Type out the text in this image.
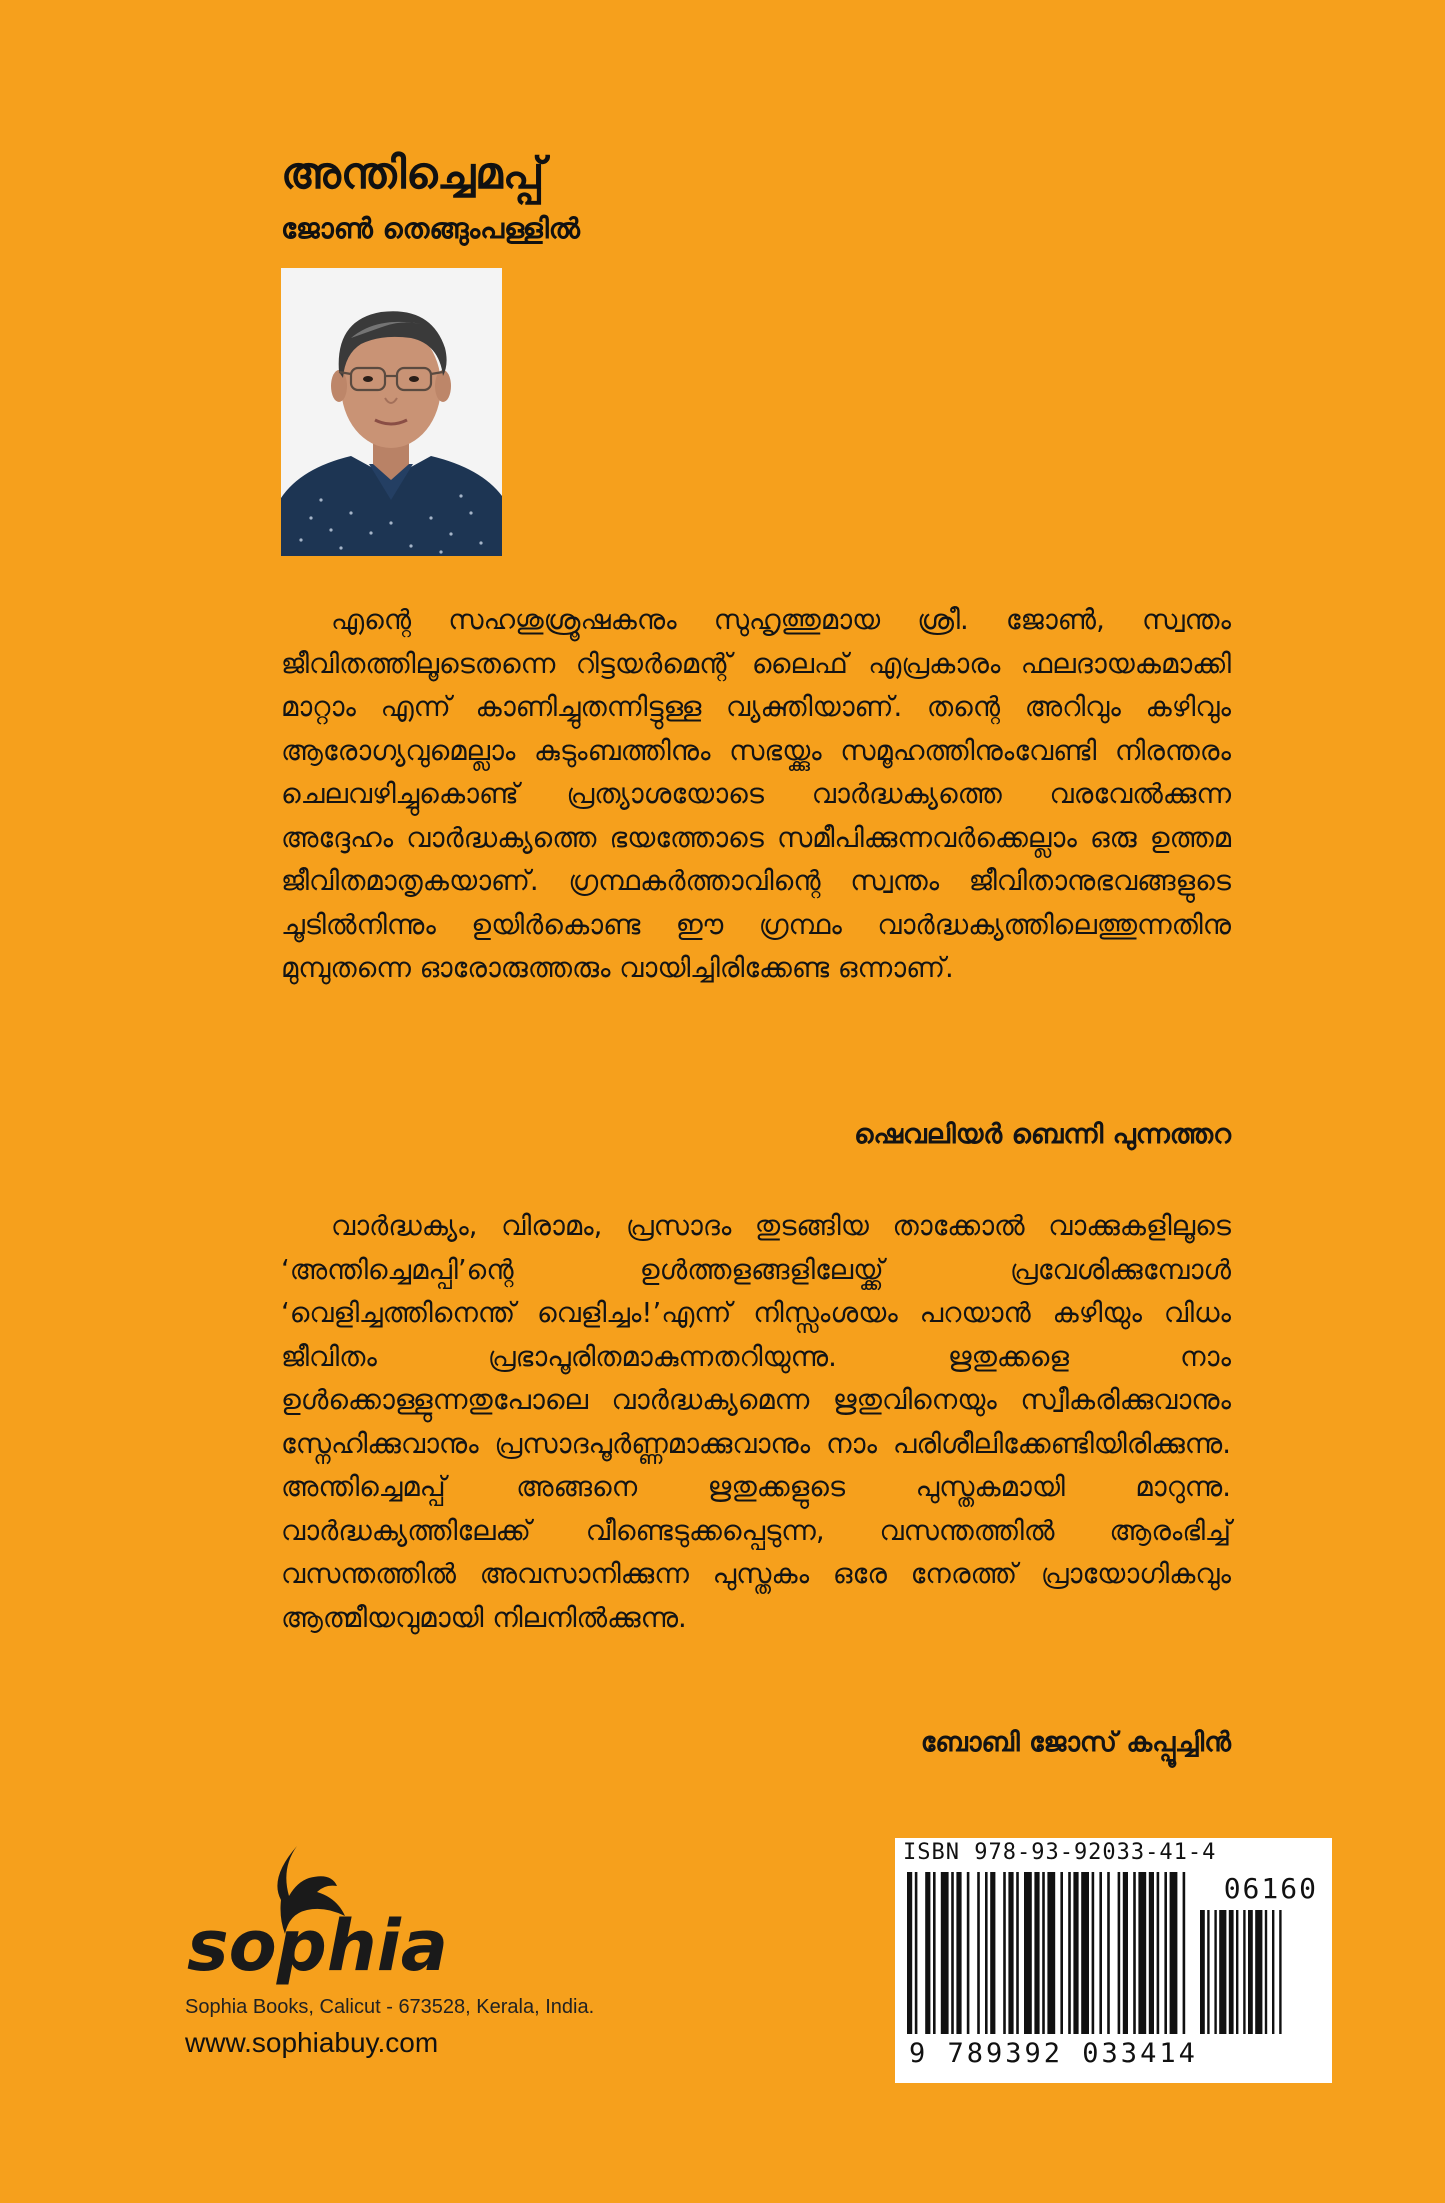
അന്തിച്ചെമപ്പ്
ജോൺ തെങ്ങുംപള്ളിൽ

എന്റെ സഹശുശ്രൂഷകനും സുഹൃത്തുമായ ശ്രീ. ജോൺ, സ്വന്തം ജീവിതത്തിലൂടെതന്നെ റിട്ടയർമെന്റ് ലൈഫ് എപ്രകാരം ഫലദായകമാക്കി മാറ്റാം എന്ന് കാണിച്ചുതന്നിട്ടുള്ള വ്യക്തിയാണ്. തന്റെ അറിവും കഴിവും ആരോഗ്യവുമെല്ലാം കുടുംബത്തിനും സഭയ്ക്കും സമൂഹത്തിനുംവേണ്ടി നിരന്തരം ചെലവഴിച്ചുകൊണ്ട് പ്രത്യാശയോടെ വാർദ്ധക്യത്തെ വരവേൽക്കുന്ന അദ്ദേഹം വാർദ്ധക്യത്തെ ഭയത്തോടെ സമീപിക്കുന്നവർക്കെല്ലാം ഒരു ഉത്തമ ജീവിതമാതൃകയാണ്. ഗ്രന്ഥകർത്താവിന്റെ സ്വന്തം ജീവിതാനുഭവങ്ങളുടെ ചൂടിൽനിന്നും ഉയിർകൊണ്ട ഈ ഗ്രന്ഥം വാർദ്ധക്യത്തിലെത്തുന്നതിനു മുമ്പുതന്നെ ഓരോരുത്തരും വായിച്ചിരിക്കേണ്ട ഒന്നാണ്.

ഷെവലിയർ ബെന്നി പുന്നത്തറ

വാർദ്ധക്യം, വിരാമം, പ്രസാദം തുടങ്ങിയ താക്കോൽ വാക്കുകളിലൂടെ ‘അന്തിച്ചെമപ്പി’ന്റെ ഉൾത്തളങ്ങളിലേയ്ക്ക് പ്രവേശിക്കുമ്പോൾ ‘വെളിച്ചത്തിനെന്ത് വെളിച്ചം!’എന്ന് നിസ്സംശയം പറയാൻ കഴിയും വിധം ജീവിതം പ്രഭാപൂരിതമാകുന്നതറിയുന്നു. ഋതുക്കളെ നാം ഉൾക്കൊള്ളുന്നതുപോലെ വാർദ്ധക്യമെന്ന ഋതുവിനെയും സ്വീകരിക്കുവാനും സ്നേഹിക്കുവാനും പ്രസാദപൂർണ്ണമാക്കുവാനും നാം പരിശീലിക്കേണ്ടിയിരിക്കുന്നു. അന്തിച്ചെമപ്പ് അങ്ങനെ ഋതുക്കളുടെ പുസ്തകമായി മാറുന്നു. വാർദ്ധക്യത്തിലേക്ക് വീണ്ടെടുക്കപ്പെടുന്ന, വസന്തത്തിൽ ആരംഭിച്ച് വസന്തത്തിൽ അവസാനിക്കുന്ന പുസ്തകം ഒരേ നേരത്ത് പ്രായോഗികവും ആത്മീയവുമായി നിലനിൽക്കുന്നു.

ബോബി ജോസ് കപ്പൂച്ചിൻ
sophia
Sophia Books, Calicut - 673528, Kerala, India.
www.sophiabuy.com
ISBN 978-93-92033-41-4
06160
9 789392 033414
